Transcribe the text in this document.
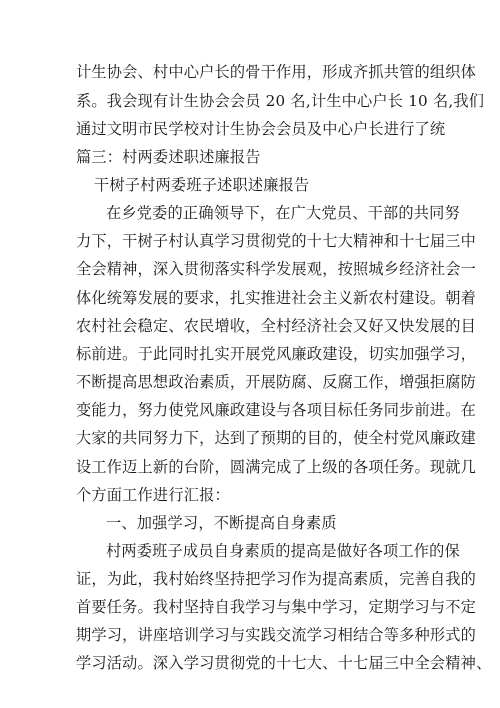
计生协会、村中心户长的骨干作用，形成齐抓共管的组织体
系。我会现有计生协会会员 20 名,计生中心户长 10 名,我们
通过文明市民学校对计生协会会员及中心户长进行了统
篇三：村两委述职述廉报告
干树子村两委班子述职述廉报告
在乡党委的正确领导下，在广大党员、干部的共同努
力下，干树子村认真学习贯彻党的十七大精神和十七届三中
全会精神，深入贯彻落实科学发展观，按照城乡经济社会一
体化统筹发展的要求，扎实推进社会主义新农村建设。朝着
农村社会稳定、农民增收，全村经济社会又好又快发展的目
标前进。于此同时扎实开展党风廉政建设，切实加强学习，
不断提高思想政治素质，开展防腐、反腐工作，增强拒腐防
变能力，努力使党风廉政建设与各项目标任务同步前进。在
大家的共同努力下，达到了预期的目的，使全村党风廉政建
设工作迈上新的台阶，圆满完成了上级的各项任务。现就几
个方面工作进行汇报：
一、加强学习，不断提高自身素质
村两委班子成员自身素质的提高是做好各项工作的保
证，为此，我村始终坚持把学习作为提高素质，完善自我的
首要任务。我村坚持自我学习与集中学习，定期学习与不定
期学习，讲座培训学习与实践交流学习相结合等多种形式的
学习活动。深入学习贯彻党的十七大、十七届三中全会精神、
